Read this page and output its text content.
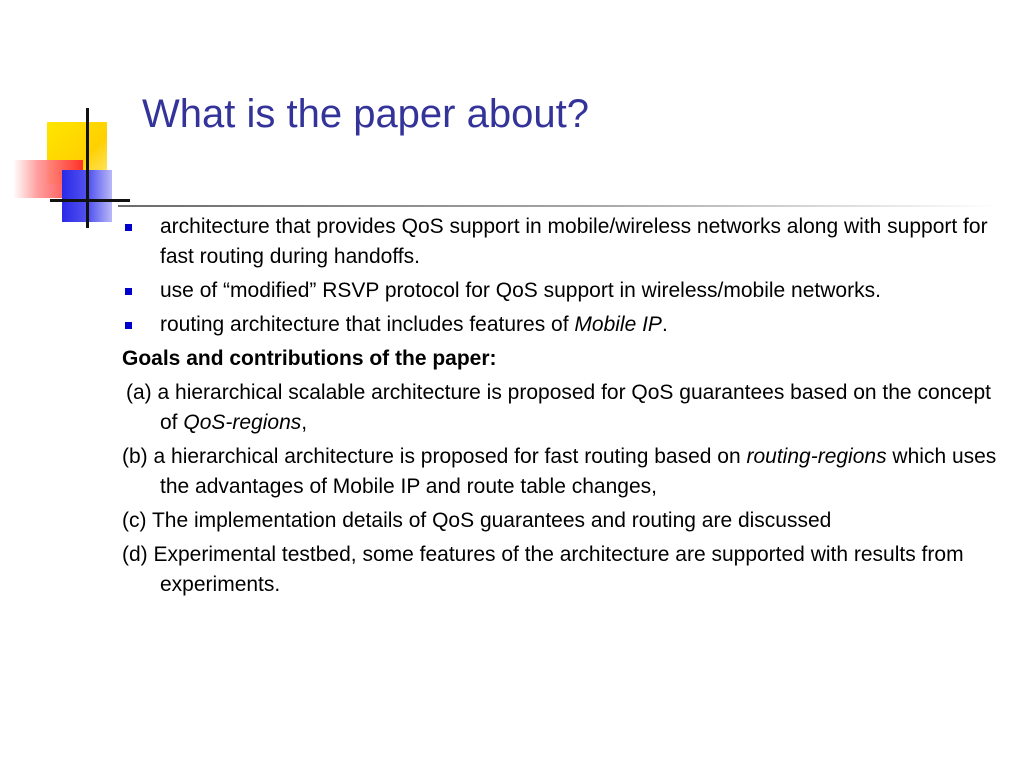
What is the paper about?
architecture that provides QoS support in mobile/wireless networks along with support for fast routing during handoffs.
use of “modified” RSVP protocol for QoS support in wireless/mobile networks.
routing architecture that includes features of Mobile IP.
Goals and contributions of the paper:
(a) a hierarchical scalable architecture is proposed for QoS guarantees based on the concept of QoS-regions,
(b) a hierarchical architecture is proposed for fast routing based on routing-regions which uses the advantages of Mobile IP and route table changes,
(c) The implementation details of QoS guarantees and routing are discussed
(d) Experimental testbed, some features of the architecture are supported with results from experiments.
